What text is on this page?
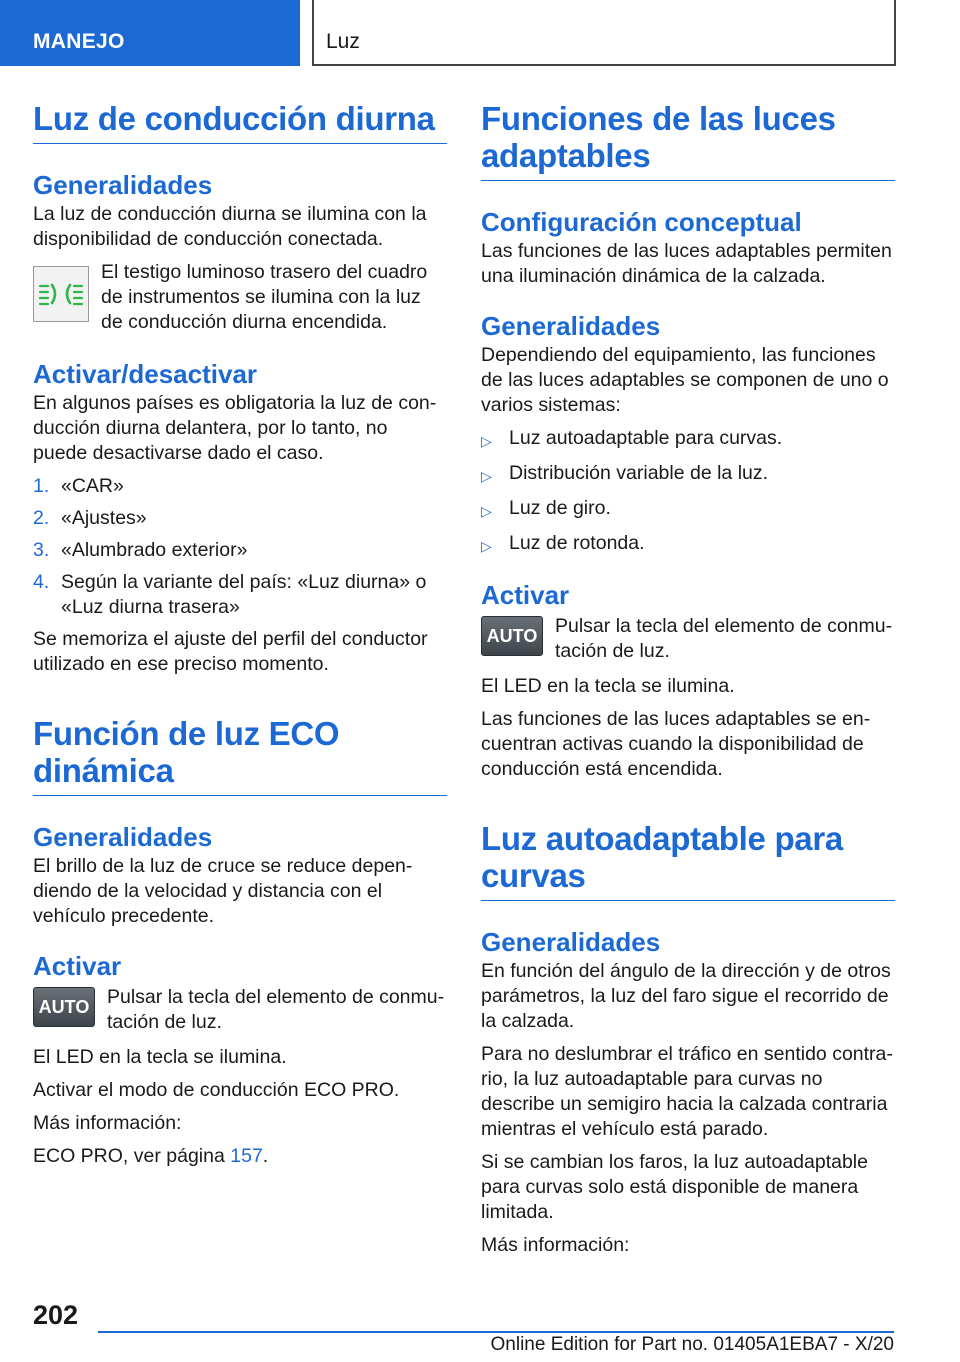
MANEJO	Luz
Luz de conducción diurna
Generalidades

La luz de conducción diurna se ilumina con la disponibilidad de conducción conectada.

El testigo luminoso trasero del cuadro de instrumentos se ilumina con la luz de conducción diurna encendida.

Activar/desactivar

En algunos países es obligatoria la luz de conducción diurna delantera, por lo tanto, no puede desactivarse dado el caso.

1. «CAR»
2. «Ajustes»
3. «Alumbrado exterior»
4. Según la variante del país: «Luz diurna» o «Luz diurna trasera»

Se memoriza el ajuste del perfil del conductor utilizado en ese preciso momento.

Función de luz ECO dinámica
Generalidades

El brillo de la luz de cruce se reduce dependiendo de la velocidad y distancia con el vehículo precedente.

Activar
AUTO Pulsar la tecla del elemento de conmutación de luz.

El LED en la tecla se ilumina.

Activar el modo de conducción ECO PRO.

Más información:

ECO PRO, ver página 157.

Funciones de las luces adaptables
Configuración conceptual

Las funciones de las luces adaptables permiten una iluminación dinámica de la calzada.

Generalidades

Dependiendo del equipamiento, las funciones de las luces adaptables se componen de uno o varios sistemas:

▷ Luz autoadaptable para curvas.
▷ Distribución variable de la luz.
▷ Luz de giro.
▷ Luz de rotonda.
Activar
AUTO Pulsar la tecla del elemento de conmutación de luz.

El LED en la tecla se ilumina.

Las funciones de las luces adaptables se encuentran activas cuando la disponibilidad de conducción está encendida.

Luz autoadaptable para curvas
Generalidades

En función del ángulo de la dirección y de otros parámetros, la luz del faro sigue el recorrido de la calzada.

Para no deslumbrar el tráfico en sentido contrario, la luz autoadaptable para curvas no describe un semigiro hacia la calzada contraria mientras el vehículo está parado.

Si se cambian los faros, la luz autoadaptable para curvas solo está disponible de manera limitada.

Más información:

202
Online Edition for Part no. 01405A1EBA7 - X/20
